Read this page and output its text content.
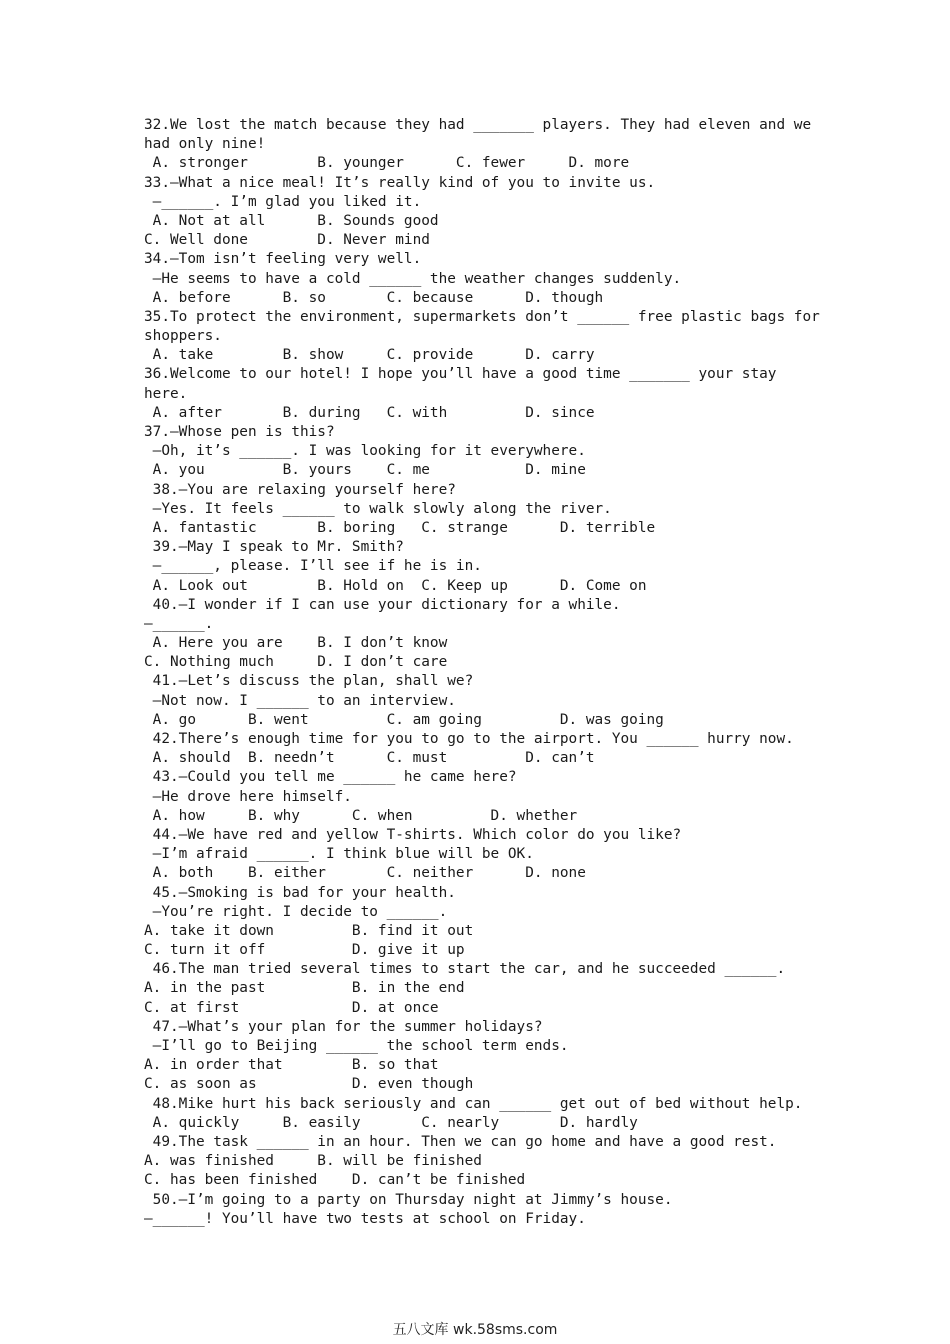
32.We lost the match because they had _______ players. They had eleven and we
had only nine!
A. stronger        B. younger      C. fewer     D. more
33.—What a nice meal! It’s really kind of you to invite us.
—______. I’m glad you liked it.
A. Not at all      B. Sounds good
C. Well done        D. Never mind
34.—Tom isn’t feeling very well.
—He seems to have a cold ______ the weather changes suddenly.
A. before      B. so       C. because      D. though
35.To protect the environment, supermarkets don’t ______ free plastic bags for
shoppers.
A. take        B. show     C. provide      D. carry
36.Welcome to our hotel! I hope you’ll have a good time _______ your stay
here.
A. after       B. during   C. with         D. since
37.—Whose pen is this?
—Oh, it’s ______. I was looking for it everywhere.
A. you         B. yours    C. me           D. mine
38.—You are relaxing yourself here?
—Yes. It feels ______ to walk slowly along the river.
A. fantastic       B. boring   C. strange      D. terrible
39.—May I speak to Mr. Smith?
—______, please. I’ll see if he is in.
A. Look out        B. Hold on  C. Keep up      D. Come on
40.—I wonder if I can use your dictionary for a while.
—______.
A. Here you are    B. I don’t know
C. Nothing much     D. I don’t care
41.—Let’s discuss the plan, shall we?
—Not now. I ______ to an interview.
A. go      B. went         C. am going         D. was going
42.There’s enough time for you to go to the airport. You ______ hurry now.
A. should  B. needn’t      C. must         D. can’t
43.—Could you tell me ______ he came here?
—He drove here himself.
A. how     B. why      C. when         D. whether
44.—We have red and yellow T-shirts. Which color do you like?
—I’m afraid ______. I think blue will be OK.
A. both    B. either       C. neither      D. none
45.—Smoking is bad for your health.
—You’re right. I decide to ______.
A. take it down         B. find it out
C. turn it off          D. give it up
46.The man tried several times to start the car, and he succeeded ______.
A. in the past          B. in the end
C. at first             D. at once
47.—What’s your plan for the summer holidays?
—I’ll go to Beijing ______ the school term ends.
A. in order that        B. so that
C. as soon as           D. even though
48.Mike hurt his back seriously and can ______ get out of bed without help.
A. quickly     B. easily       C. nearly       D. hardly
49.The task ______ in an hour. Then we can go home and have a good rest.
A. was finished     B. will be finished
C. has been finished    D. can’t be finished
50.—I’m going to a party on Thursday night at Jimmy’s house.
—______! You’ll have two tests at school on Friday.
五八文库 wk.58sms.com
